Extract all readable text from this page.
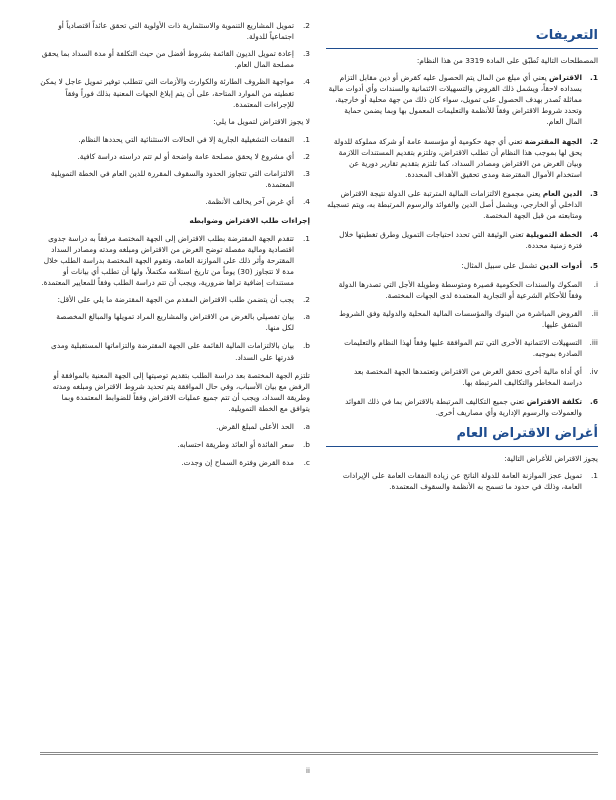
التعريفات
المصطلحات التالية تُطبّق على المادة 3319 من هذا النظام:
1.
الاقتراض يعني أي مبلغ من المال يتم الحصول عليه كقرض أو دين مقابل التزام بسداده لاحقاً، ويشمل ذلك القروض والتسهيلات الائتمانية والسندات وأي أدوات مالية مماثلة تُصدر بهدف الحصول على تمويل، سواء كان ذلك من جهة محلية أو خارجية، وتحدد شروط الاقتراض وفقاً للأنظمة والتعليمات المعمول بها وبما يضمن حماية المال العام.
2.
الجهة المقترضة تعني أي جهة حكومية أو مؤسسة عامة أو شركة مملوكة للدولة يحق لها بموجب هذا النظام أن تطلب الاقتراض، وتلتزم بتقديم المستندات اللازمة وبيان الغرض من الاقتراض ومصادر السداد، كما تلتزم بتقديم تقارير دورية عن استخدام الأموال المقترضة ومدى تحقيق الأهداف المحددة.
3.
الدين العام يعني مجموع الالتزامات المالية المترتبة على الدولة نتيجة الاقتراض الداخلي أو الخارجي، ويشمل أصل الدين والفوائد والرسوم المرتبطة به، ويتم تسجيله ومتابعته من قبل الجهة المختصة.
4.
الخطة التمويلية تعني الوثيقة التي تحدد احتياجات التمويل وطرق تغطيتها خلال فترة زمنية محددة.
5.
أدوات الدين تشمل على سبيل المثال:
i.
الصكوك والسندات الحكومية قصيرة ومتوسطة وطويلة الأجل التي تصدرها الدولة وفقاً للأحكام الشرعية أو التجارية المعتمدة لدى الجهات المختصة.
ii.
القروض المباشرة من البنوك والمؤسسات المالية المحلية والدولية وفق الشروط المتفق عليها.
iii.
التسهيلات الائتمانية الأخرى التي تتم الموافقة عليها وفقاً لهذا النظام والتعليمات الصادرة بموجبه.
iv.
أي أداة مالية أخرى تحقق الغرض من الاقتراض وتعتمدها الجهة المختصة بعد دراسة المخاطر والتكاليف المرتبطة بها.
6.
تكلفة الاقتراض تعني جميع التكاليف المرتبطة بالاقتراض بما في ذلك الفوائد والعمولات والرسوم الإدارية وأي مصاريف أخرى.
أغراض الاقتراض العام
يجوز الاقتراض للأغراض التالية:
1.
تمويل عجز الموازنة العامة للدولة الناتج عن زيادة النفقات العامة على الإيرادات العامة، وذلك في حدود ما تسمح به الأنظمة والسقوف المعتمدة.
2.
تمويل المشاريع التنموية والاستثمارية ذات الأولوية التي تحقق عائداً اقتصادياً أو اجتماعياً للدولة.
3.
إعادة تمويل الديون القائمة بشروط أفضل من حيث التكلفة أو مدة السداد بما يحقق مصلحة المال العام.
4.
مواجهة الظروف الطارئة والكوارث والأزمات التي تتطلب توفير تمويل عاجل لا يمكن تغطيته من الموارد المتاحة، على أن يتم إبلاغ الجهات المعنية بذلك فوراً وفقاً للإجراءات المعتمدة.
لا يجوز الاقتراض لتمويل ما يلي:
1.
النفقات التشغيلية الجارية إلا في الحالات الاستثنائية التي يحددها النظام.
2.
أي مشروع لا يحقق مصلحة عامة واضحة أو لم تتم دراسته دراسة كافية.
3.
الالتزامات التي تتجاوز الحدود والسقوف المقررة للدين العام في الخطة التمويلية المعتمدة.
4.
أي غرض آخر يخالف الأنظمة.
إجراءات طلب الاقتراض وضوابطه
1.
تتقدم الجهة المقترضة بطلب الاقتراض إلى الجهة المختصة مرفقاً به دراسة جدوى اقتصادية ومالية مفصلة توضح الغرض من الاقتراض ومبلغه ومدته ومصادر السداد المقترحة وأثر ذلك على الموازنة العامة، وتقوم الجهة المختصة بدراسة الطلب خلال مدة لا تتجاوز (30) يوماً من تاريخ استلامه مكتملاً، ولها أن تطلب أي بيانات أو مستندات إضافية تراها ضرورية، ويجب أن تتم دراسة الطلب وفقاً للمعايير المعتمدة.
2.
يجب أن يتضمن طلب الاقتراض المقدم من الجهة المقترضة ما يلي على الأقل:
a.
بيان تفصيلي بالغرض من الاقتراض والمشاريع المراد تمويلها والمبالغ المخصصة لكل منها.
b.
بيان بالالتزامات المالية القائمة على الجهة المقترضة والتزاماتها المستقبلية ومدى قدرتها على السداد.
تلتزم الجهة المختصة بعد دراسة الطلب بتقديم توصيتها إلى الجهة المعنية بالموافقة أو الرفض مع بيان الأسباب، وفي حال الموافقة يتم تحديد شروط الاقتراض ومبلغه ومدته وطريقة السداد، ويجب أن تتم جميع عمليات الاقتراض وفقاً للضوابط المعتمدة وبما يتوافق مع الخطة التمويلية.
a.
الحد الأعلى لمبلغ القرض.
b.
سعر الفائدة أو العائد وطريقة احتسابه.
c.
مدة القرض وفترة السماح إن وجدت.
ii
